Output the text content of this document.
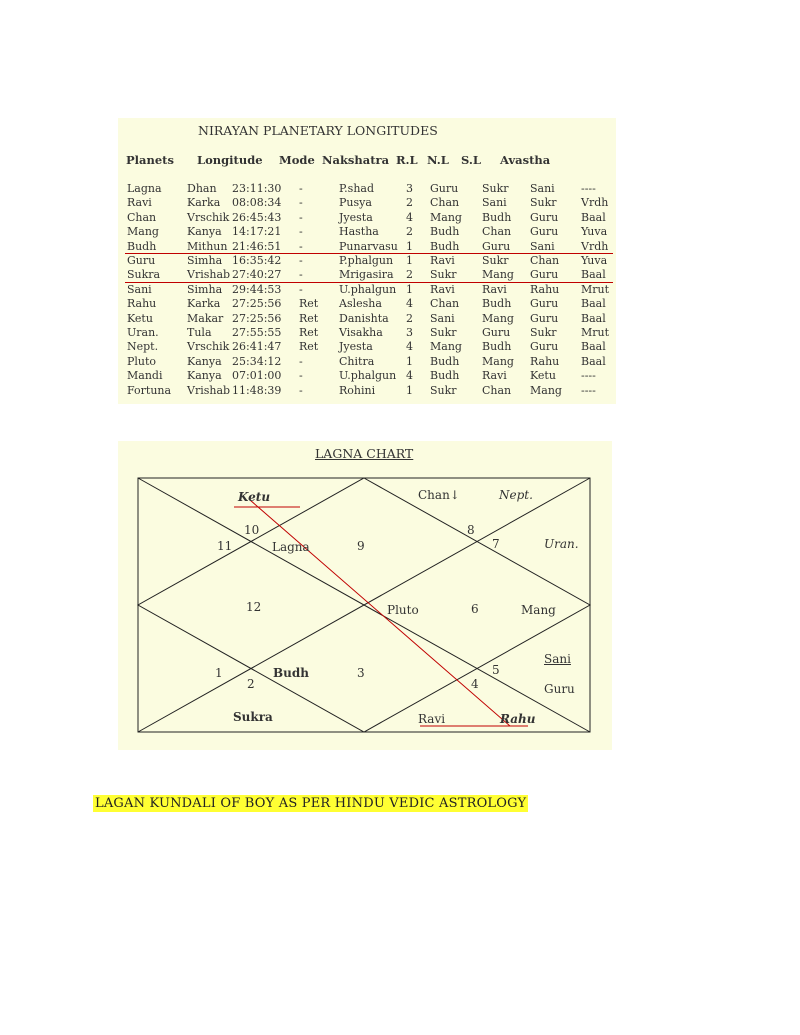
NIRAYAN PLANETARY LONGITUDES
Planets Longitude Mode Nakshatra R.L N.L S.L Avastha
Lagna Dhan 23:11:30 -	P.shad	3 Guru Sukr Sani ----
Ravi	Karka 08:08:34 -	Pusya	2 Chan Sani Sukr Vrdh
Chan	Vrschik 26:45:43 -	Jyesta	4 Mang Budh Guru Baal
Mang	Kanya 14:17:21 -	Hastha 2 Budh Chan Guru Yuva
Budh	Mithun 21:46:51 -	Punarvasu 1 Budh Guru Sani Vrdh
Guru	Simha 16:35:42 -	P.phalgun 1 Ravi Sukr Chan Yuva
Sukra Vrishab 27:40:27 -	Mrigasira 2 Sukr Mang Guru Baal
Sani	Simha 29:44:53 -	U.phalgun 1 Ravi Ravi Rahu Mrut
Rahu	Karka 27:25:56 Ret Aslesha 4 Chan Budh Guru Baal
Ketu	Makar 27:25:56 Ret Danishta 2 Sani Mang Guru Baal
Uran.	Tula 27:55:55 Ret Visakha 3 Sukr Guru Sukr Mrut
Nept.	Vrschik 26:41:47 Ret Jyesta	4 Mang Budh Guru Baal
Pluto	Kanya 25:34:12 -	Chitra	1 Budh Mang Rahu Baal
Mandi Kanya 07:01:00 -	U.phalgun 4 Budh Ravi Ketu ----
Fortuna Vrishab 11:48:39 -	Rohini	1 Sukr Chan Mang ----
LAGNA CHART
10
11	9
8
7
12	6
1
2
3	5
4
Ketu	Chan↓	Nept.
Lagna	Uran.
Pluto	Mang
Sani
Guru
Budh
Sukra	Ravi	Rahu
LAGAN KUNDALI OF BOY AS PER HINDU VEDIC ASTROLOGY
